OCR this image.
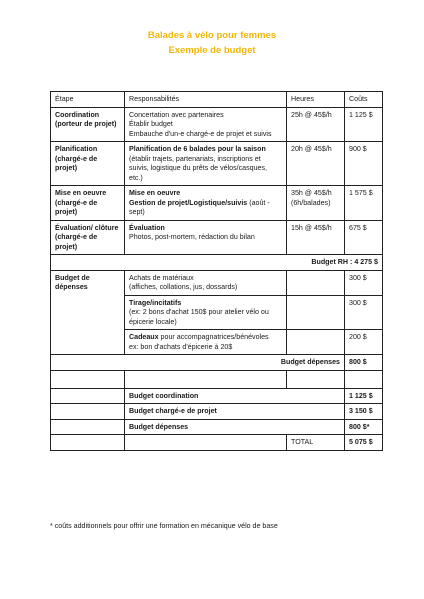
Balades à vélo pour femmes
Exemple de budget
Étape	Responsabilités	Heures	Coûts
Coordination (porteur de projet)	Concertation avec partenaires
Établir budget
Embauche d'un-e chargé-e de projet et suivis	25h @ 45$/h	1 125 $
Planification (chargé-e de projet)	Planification de 6 balades pour la saison
(établir trajets, partenariats, inscriptions et suivis, logistique du prêts de vélos/casques, etc.)	20h @ 45$/h	900 $
Mise en oeuvre (chargé-e de projet)	Mise en oeuvre
Gestion de projet/Logistique/suivis (août - sept)	35h @ 45$/h (6h/balades)	1 575 $
Évaluation/ clôture (chargé-e de projet)	Évaluation
Photos, post-mortem, rédaction du bilan	15h @ 45$/h	675 $
Budget RH : 4 275 $			
Budget de dépenses	Achats de matériaux
(affiches, collations, jus, dossards)		300 $

	Tirage/incitatifs
(ex: 2 bons d'achat 150$ pour atelier vélo ou épicerie locale)		300 $
	Cadeaux pour accompagnatrices/bénévoles
ex: bon d'achats d'épicerie à 20$		200 $
Budget dépenses			800 $

	Budget coordination		1 125 $
	Budget chargé-e de projet		3 150 $
	Budget dépenses		800 $*
		TOTAL	5 075 $
* coûts additionnels pour offrir une formation en mécanique vélo de base
